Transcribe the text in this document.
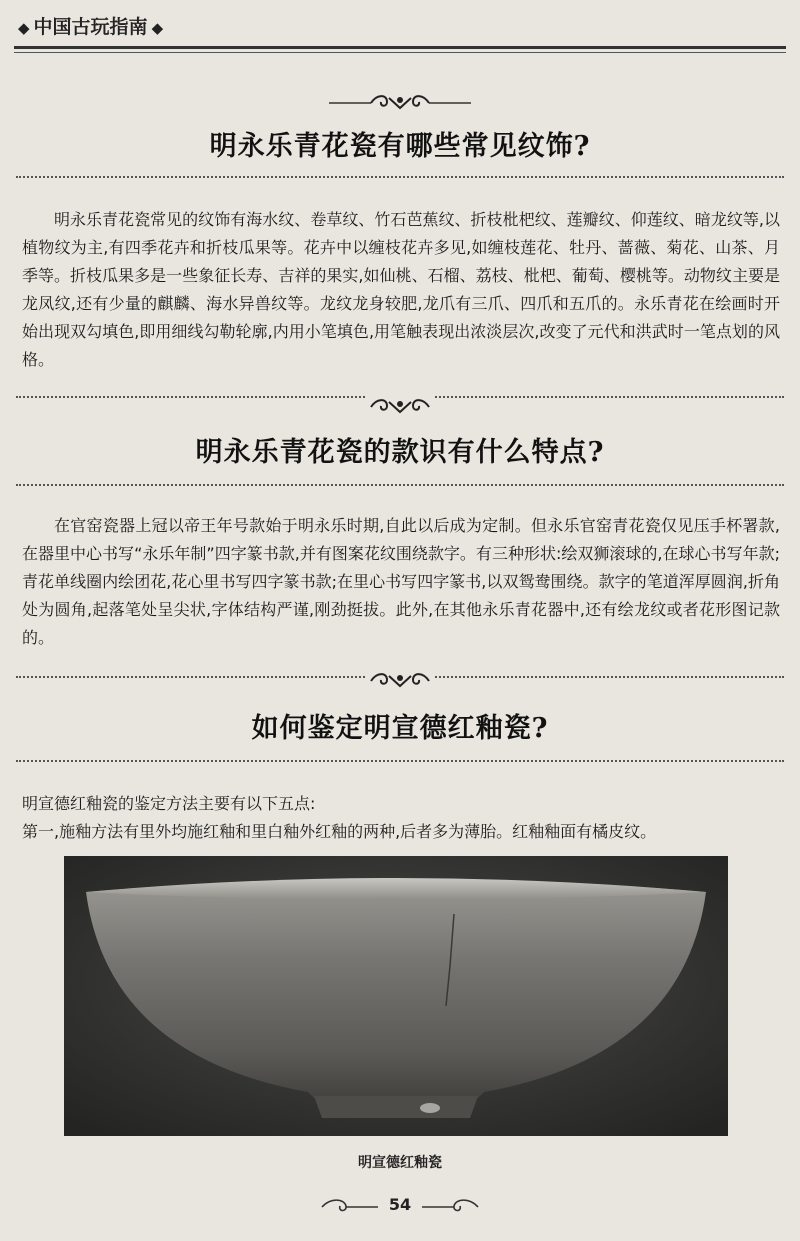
◆ 中国古玩指南 ◆
明永乐青花瓷有哪些常见纹饰?
明永乐青花瓷常见的纹饰有海水纹、卷草纹、竹石芭蕉纹、折枝枇杷纹、莲瓣纹、仰莲纹、暗龙纹等,以植物纹为主,有四季花卉和折枝瓜果等。花卉中以缠枝花卉多见,如缠枝莲花、牡丹、蔷薇、菊花、山茶、月季等。折枝瓜果多是一些象征长寿、吉祥的果实,如仙桃、石榴、荔枝、枇杷、葡萄、樱桃等。动物纹主要是龙凤纹,还有少量的麒麟、海水异兽纹等。龙纹龙身较肥,龙爪有三爪、四爪和五爪的。永乐青花在绘画时开始出现双勾填色,即用细线勾勒轮廓,内用小笔填色,用笔触表现出浓淡层次,改变了元代和洪武时一笔点划的风格。
明永乐青花瓷的款识有什么特点?
在官窑瓷器上冠以帝王年号款始于明永乐时期,自此以后成为定制。但永乐官窑青花瓷仅见压手杯署款,在器里中心书写“永乐年制”四字篆书款,并有图案花纹围绕款字。有三种形状:绘双狮滚球的,在球心书写年款;青花单线圈内绘团花,花心里书写四字篆书款;在里心书写四字篆书,以双鸳鸯围绕。款字的笔道浑厚圆润,折角处为圆角,起落笔处呈尖状,字体结构严谨,刚劲挺拔。此外,在其他永乐青花器中,还有绘龙纹或者花形图记款的。
如何鉴定明宣德红釉瓷?
明宣德红釉瓷的鉴定方法主要有以下五点:
第一,施釉方法有里外均施红釉和里白釉外红釉的两种,后者多为薄胎。红釉釉面有橘皮纹。
明宣德红釉瓷
54
